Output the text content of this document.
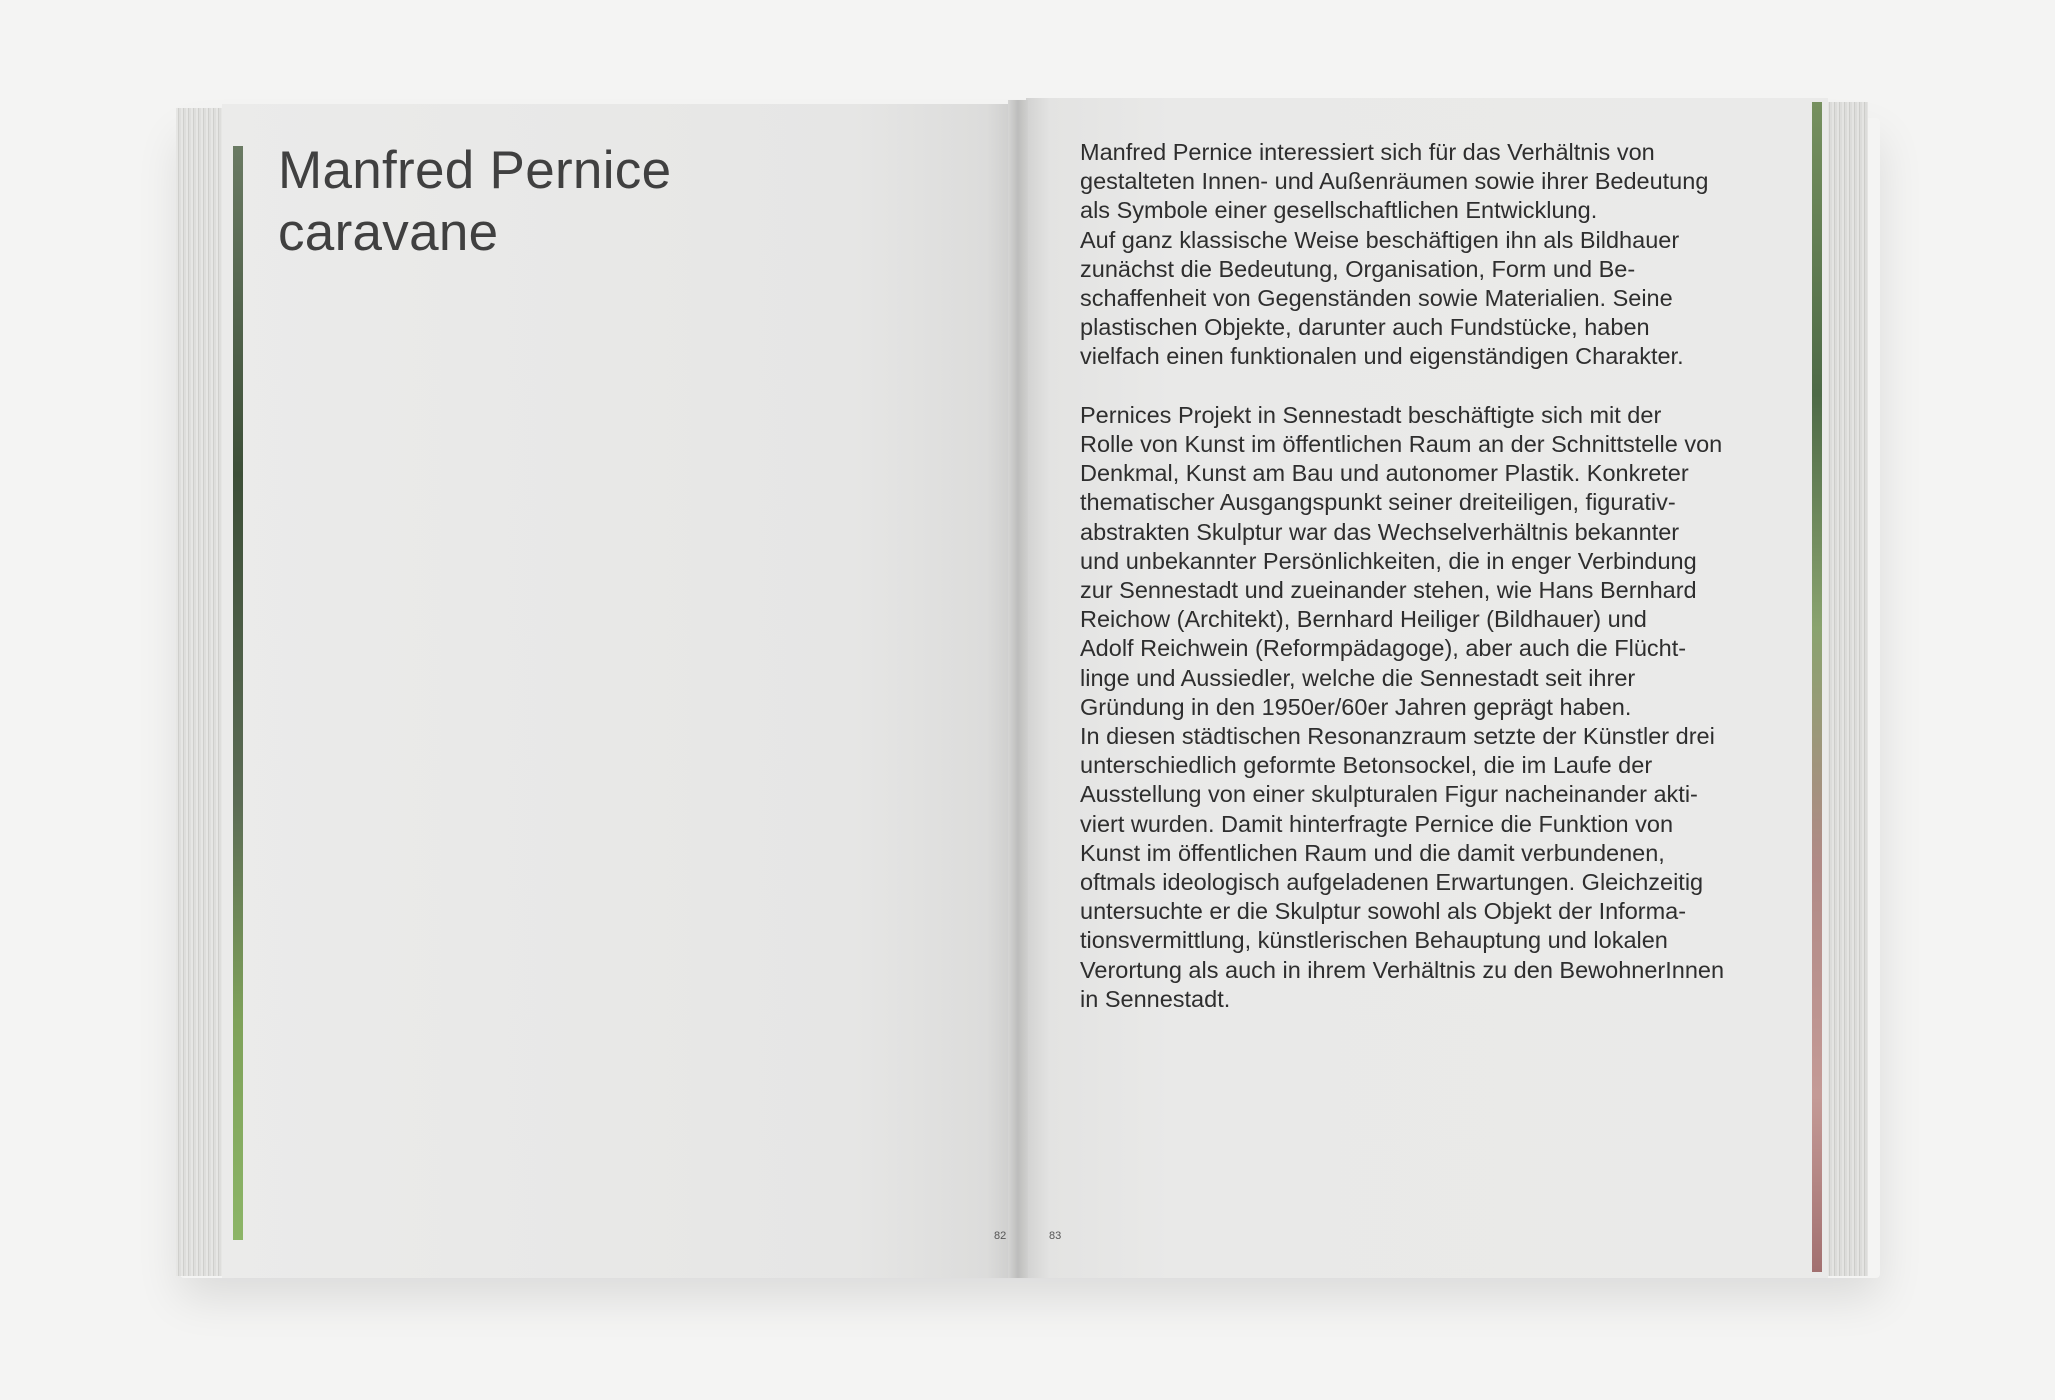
Manfred Pernice
caravane
Manfred Pernice interessiert sich für das Verhältnis von
gestalteten Innen- und Außenräumen sowie ihrer Bedeutung
als Symbole einer gesellschaftlichen Entwicklung.
Auf ganz klassische Weise beschäftigen ihn als Bildhauer
zunächst die Bedeutung, Organisation, Form und Be-
schaffenheit von Gegenständen sowie Materialien. Seine
plastischen Objekte, darunter auch Fundstücke, haben
vielfach einen funktionalen und eigenständigen Charakter.
Pernices Projekt in Sennestadt beschäftigte sich mit der
Rolle von Kunst im öffentlichen Raum an der Schnittstelle von
Denkmal, Kunst am Bau und autonomer Plastik. Konkreter
thematischer Ausgangspunkt seiner dreiteiligen, figurativ-
abstrakten Skulptur war das Wechselverhältnis bekannter
und unbekannter Persönlichkeiten, die in enger Verbindung
zur Sennestadt und zueinander stehen, wie Hans Bernhard
Reichow (Architekt), Bernhard Heiliger (Bildhauer) und
Adolf Reichwein (Reformpädagoge), aber auch die Flücht-
linge und Aussiedler, welche die Sennestadt seit ihrer
Gründung in den 1950er/60er Jahren geprägt haben.
In diesen städtischen Resonanzraum setzte der Künstler drei
unterschiedlich geformte Betonsockel, die im Laufe der
Ausstellung von einer skulpturalen Figur nacheinander akti-
viert wurden. Damit hinterfragte Pernice die Funktion von
Kunst im öffentlichen Raum und die damit verbundenen,
oftmals ideologisch aufgeladenen Erwartungen. Gleichzeitig
untersuchte er die Skulptur sowohl als Objekt der Informa-
tionsvermittlung, künstlerischen Behauptung und lokalen
Verortung als auch in ihrem Verhältnis zu den BewohnerInnen
in Sennestadt.
82	83
